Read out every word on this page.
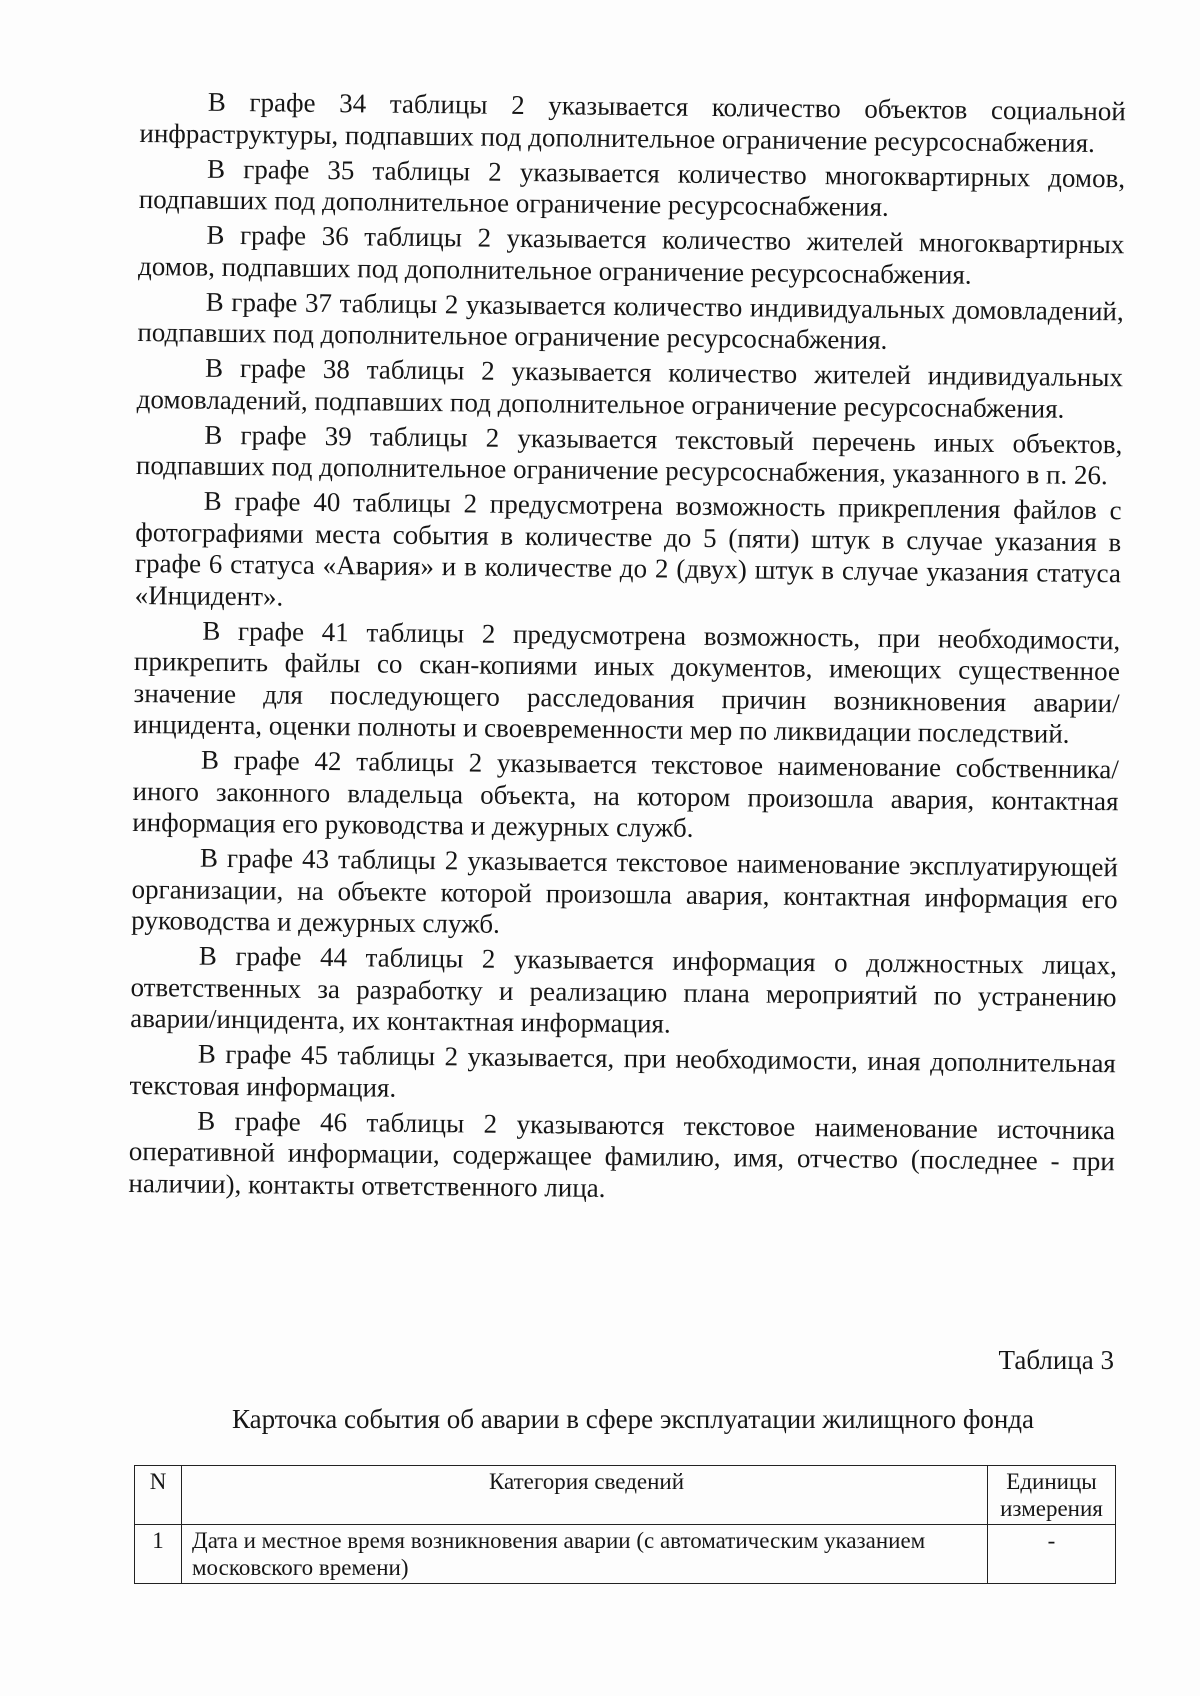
В графе 34 таблицы 2 указывается количество объектов социальной инфраструктуры, подпавших под дополнительное ограничение ресурсоснабжения.

В графе 35 таблицы 2 указывается количество многоквартирных домов, подпавших под дополнительное ограничение ресурсоснабжения.

В графе 36 таблицы 2 указывается количество жителей многоквартирных домов, подпавших под дополнительное ограничение ресурсоснабжения.

В графе 37 таблицы 2 указывается количество индивидуальных домовладений, подпавших под дополнительное ограничение ресурсоснабжения.

В графе 38 таблицы 2 указывается количество жителей индивидуальных домовладений, подпавших под дополнительное ограничение ресурсоснабжения.

В графе 39 таблицы 2 указывается текстовый перечень иных объектов, подпавших под дополнительное ограничение ресурсоснабжения, указанного в п. 26.

В графе 40 таблицы 2 предусмотрена возможность прикрепления файлов с фотографиями места события в количестве до 5 (пяти) штук в случае указания в графе 6 статуса «Авария» и в количестве до 2 (двух) штук в случае указания статуса «Инцидент».

В графе 41 таблицы 2 предусмотрена возможность, при необходимости, прикрепить файлы со скан-копиями иных документов, имеющих существенное значение для последующего расследования причин возникновения аварии/инцидента, оценки полноты и своевременности мер по ликвидации последствий.

В графе 42 таблицы 2 указывается текстовое наименование собственника/иного законного владельца объекта, на котором произошла авария, контактная информация его руководства и дежурных служб.

В графе 43 таблицы 2 указывается текстовое наименование эксплуатирующей организации, на объекте которой произошла авария, контактная информация его руководства и дежурных служб.

В графе 44 таблицы 2 указывается информация о должностных лицах, ответственных за разработку и реализацию плана мероприятий по устранению аварии/инцидента, их контактная информация.

В графе 45 таблицы 2 указывается, при необходимости, иная дополнительная текстовая информация.

В графе 46 таблицы 2 указываются текстовое наименование источника оперативной информации, содержащее фамилию, имя, отчество (последнее - при наличии), контакты ответственного лица.

Таблица 3

Карточка события об аварии в сфере эксплуатации жилищного фонда

N	Категория сведений	Единицы измерения
1	Дата и местное время возникновения аварии (с автоматическим указанием московского времени)	-
